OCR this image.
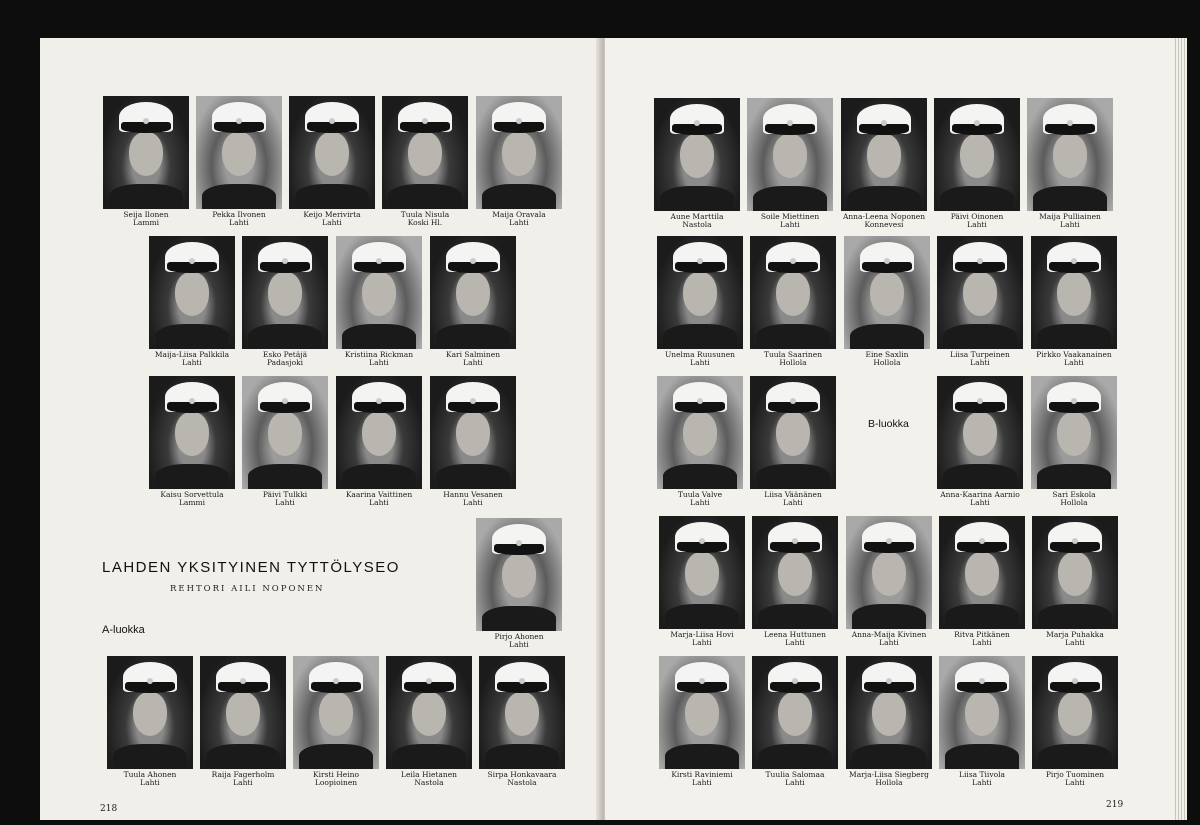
LAHDEN YKSITYINEN TYTTÖLYSEO
REHTORI AILI NOPONEN
A-luokka
218
Seija Ilonen
Lammi
Pekka Ilvonen
Lahti
Keijo Merivirta
Lahti
Tuula Nisula
Koski Hl.
Maija Oravala
Lahti
Maija-Liisa Palkkila
Lahti
Esko Petäjä
Padasjoki
Kristiina Rickman
Lahti
Kari Salminen
Lahti
Kaisu Sorvettula
Lammi
Päivi Tulkki
Lahti
Kaarina Vaittinen
Lahti
Hannu Vesanen
Lahti
Pirjo Ahonen
Lahti
Tuula Ahonen
Lahti
Raija Fagerholm
Lahti
Kirsti Heino
Loopioinen
Leila Hietanen
Nastola
Sirpa Honkavaara
Nastola
B-luokka
219
Aune Marttila
Nastola
Soile Miettinen
Lahti
Anna-Leena Noponen
Konnevesi
Päivi Oinonen
Lahti
Maija Pulliainen
Lahti
Unelma Ruusunen
Lahti
Tuula Saarinen
Hollola
Eine Saxlin
Hollola
Liisa Turpeinen
Lahti
Pirkko Vaakanainen
Lahti
Tuula Valve
Lahti
Liisa Väänänen
Lahti
Anna-Kaarina Aarnio
Lahti
Sari Eskola
Hollola
Marja-Liisa Hovi
Lahti
Leena Huttunen
Lahti
Anna-Maija Kivinen
Lahti
Ritva Pitkänen
Lahti
Marja Puhakka
Lahti
Kirsti Raviniemi
Lahti
Tuulia Salomaa
Lahti
Marja-Liisa Siegberg
Hollola
Liisa Tiivola
Lahti
Pirjo Tuominen
Lahti
